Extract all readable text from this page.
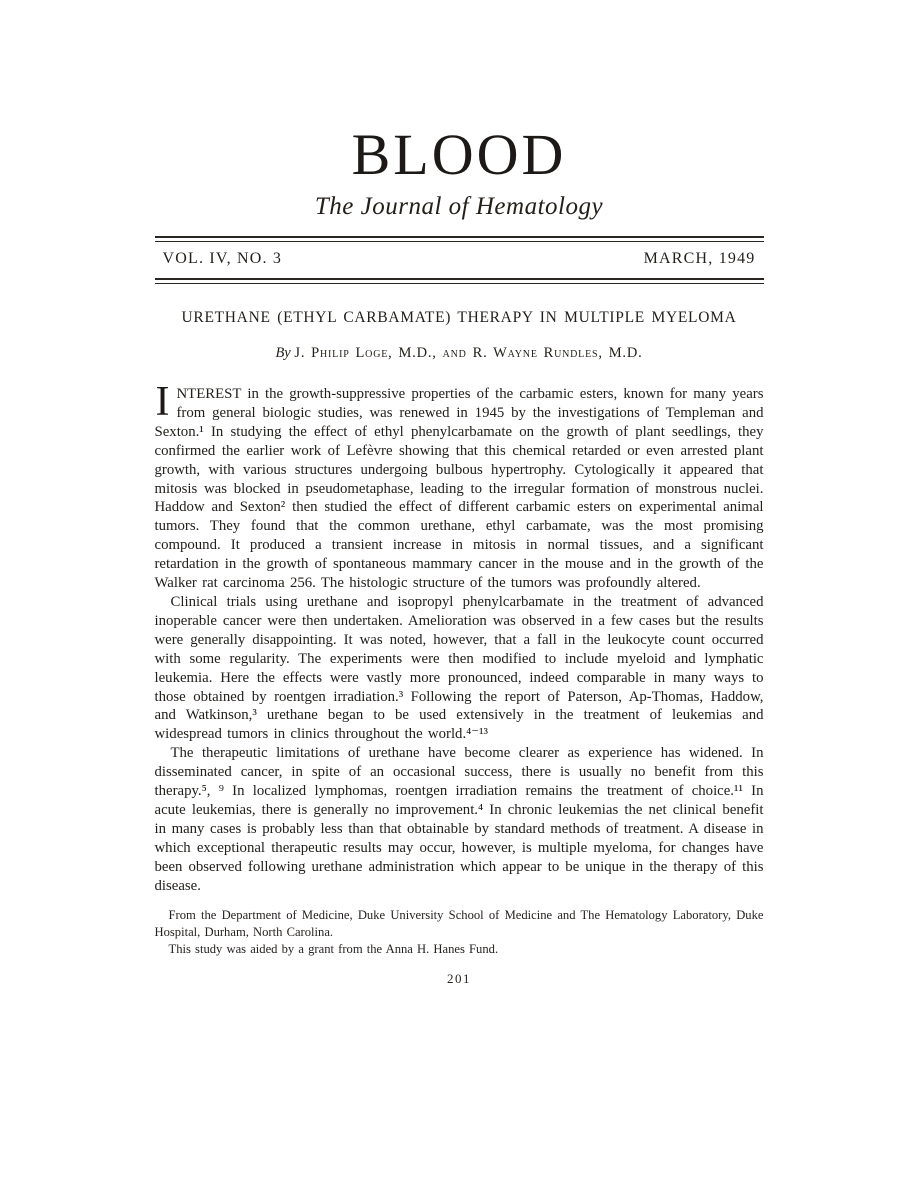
BLOOD
The Journal of Hematology
VOL. IV, NO. 3	MARCH, 1949
URETHANE (ETHYL CARBAMATE) THERAPY IN MULTIPLE MYELOMA
By J. Philip Loge, M.D., and R. Wayne Rundles, M.D.

INTEREST in the growth-suppressive properties of the carbamic esters, known for many years from general biologic studies, was renewed in 1945 by the investigations of Templeman and Sexton.¹ In studying the effect of ethyl phenylcarbamate on the growth of plant seedlings, they confirmed the earlier work of Lefèvre showing that this chemical retarded or even arrested plant growth, with various structures undergoing bulbous hypertrophy. Cytologically it appeared that mitosis was blocked in pseudometaphase, leading to the irregular formation of monstrous nuclei. Haddow and Sexton² then studied the effect of different carbamic esters on experimental animal tumors. They found that the common urethane, ethyl carbamate, was the most promising compound. It produced a transient increase in mitosis in normal tissues, and a significant retardation in the growth of spontaneous mammary cancer in the mouse and in the growth of the Walker rat carcinoma 256. The histologic structure of the tumors was profoundly altered.

Clinical trials using urethane and isopropyl phenylcarbamate in the treatment of advanced inoperable cancer were then undertaken. Amelioration was observed in a few cases but the results were generally disappointing. It was noted, however, that a fall in the leukocyte count occurred with some regularity. The experiments were then modified to include myeloid and lymphatic leukemia. Here the effects were vastly more pronounced, indeed comparable in many ways to those obtained by roentgen irradiation.³ Following the report of Paterson, Ap-Thomas, Haddow, and Watkinson,³ urethane began to be used extensively in the treatment of leukemias and widespread tumors in clinics throughout the world.⁴⁻¹³

The therapeutic limitations of urethane have become clearer as experience has widened. In disseminated cancer, in spite of an occasional success, there is usually no benefit from this therapy.⁵, ⁹ In localized lymphomas, roentgen irradiation remains the treatment of choice.¹¹ In acute leukemias, there is generally no improvement.⁴ In chronic leukemias the net clinical benefit in many cases is probably less than that obtainable by standard methods of treatment. A disease in which exceptional therapeutic results may occur, however, is multiple myeloma, for changes have been observed following urethane administration which appear to be unique in the therapy of this disease.

From the Department of Medicine, Duke University School of Medicine and The Hematology Laboratory, Duke Hospital, Durham, North Carolina.

This study was aided by a grant from the Anna H. Hanes Fund.

201
